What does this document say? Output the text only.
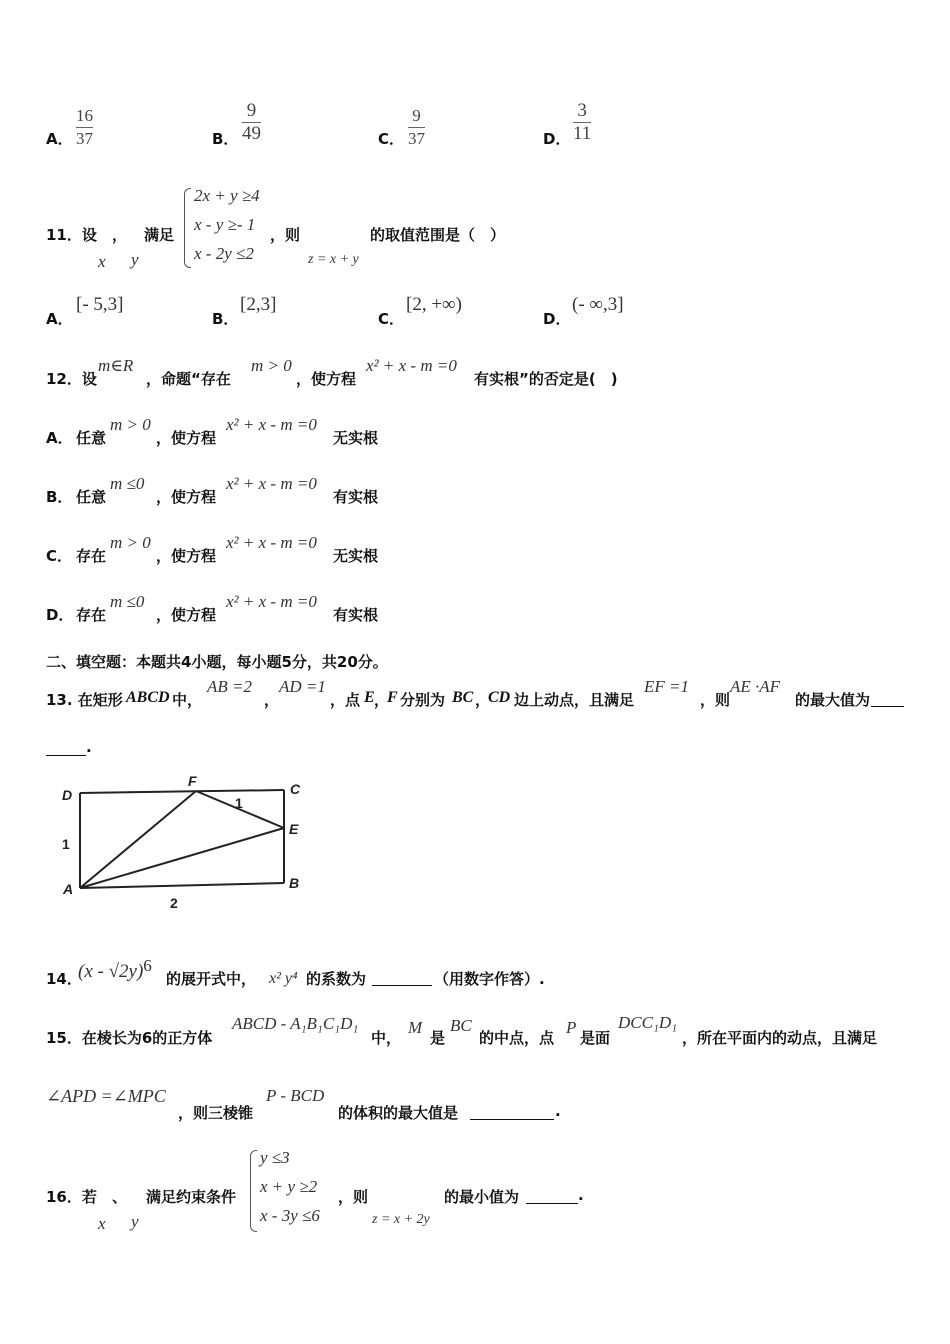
A．
16
37	B．
9
49	C．
9
37	D．
3
11
11．设 ， 满足
x y
2x + y ≥4
x - y ≥- 1
x - 2y ≤2
，则
z = x + y
的取值范围是（　）
A．
[- 5,3]
B．
[2,3]
C．
[2, +∞)
D．
(- ∞,3]
12．设
m∈R
，命题“存在
m > 0
，使方程
x² + x - m =0
有实根”的否定是(　)
A． 任意
m > 0
，使方程
x² + x - m =0
无实根
B． 任意
m ≤0
，使方程
x² + x - m =0
有实根
C． 存在
m > 0
，使方程
x² + x - m =0
无实根
D． 存在
m ≤0
，使方程
x² + x - m =0
有实根
二、填空题：本题共4小题，每小题5分，共20分。
13. 在矩形 ABCD 中，
AB =2
，
AD =1
，点 E ，
F 分别为 BC ，
CD 边上动点，且满足
EF =1
，则
AE ·AF
的最大值为
.
D
F	C
E
A	B
1
2
1
14．
(x - √2y)$^6$
的展开式中， x² y⁴ 的系数为	（用数字作答）.
15．在棱长为6的正方体
ABCD - A₁B₁C₁D₁
中，
M
是
BC
的中点，点
P
是面
DCC₁D₁
，所在平面内的动点，且满足
∠APD =∠MPC
，则三棱锥
P - BCD
的体积的最大值是	.
16．若 、 满足约束条件
x y
y ≤3
x + y ≥2
x - 3y ≤6
，则
z = x + 2y
的最小值为	.
